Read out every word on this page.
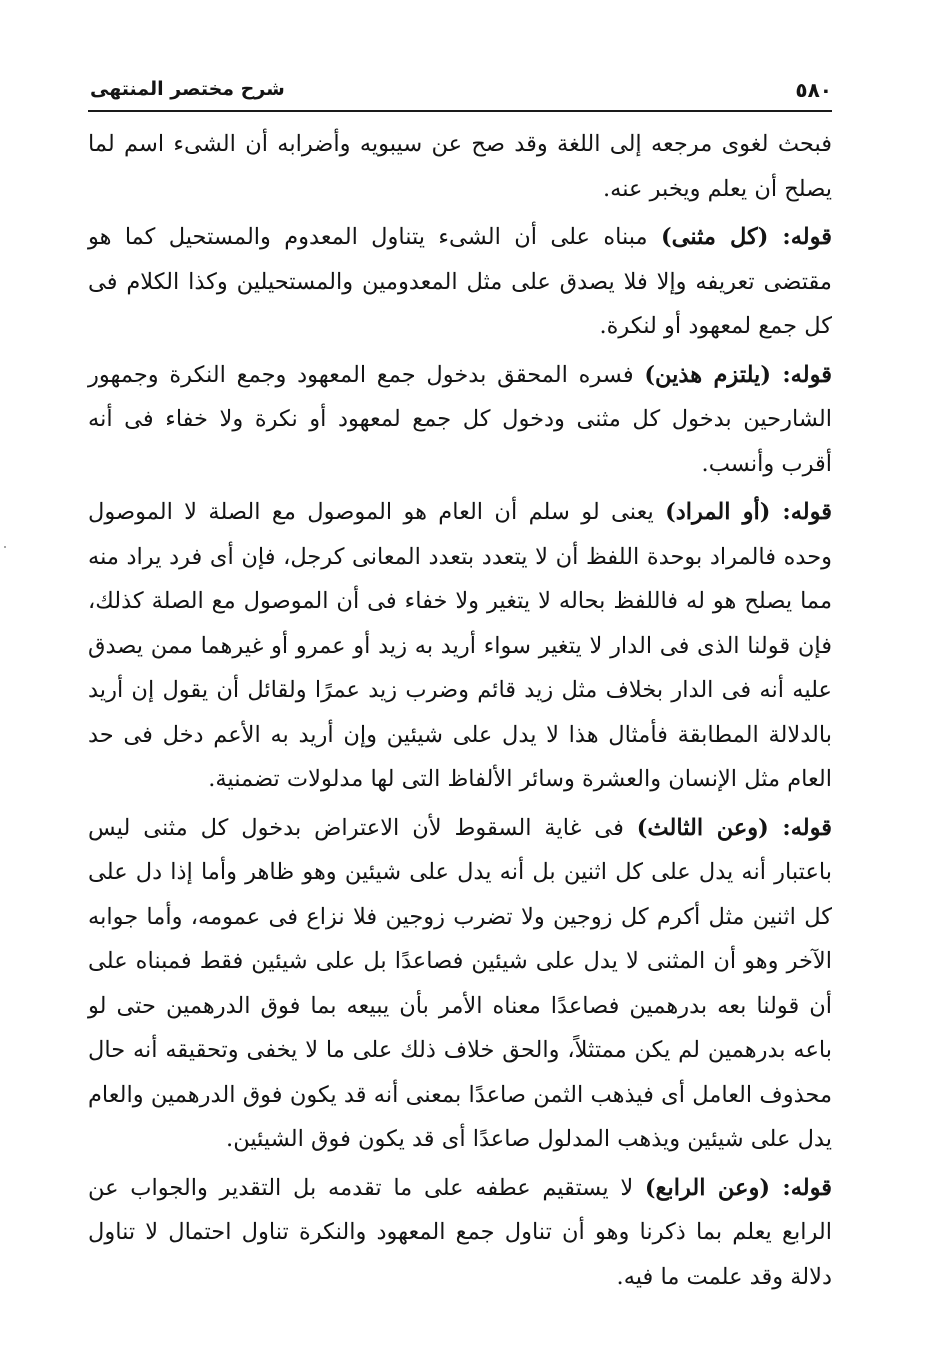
٥٨٠
شرح مختصر المنتهى

فبحث لغوى مرجعه إلى اللغة وقد صح عن سيبويه وأضرابه أن الشىء اسم لما يصلح أن يعلم ويخبر عنه.

قوله: (كل مثنى) مبناه على أن الشىء يتناول المعدوم والمستحيل كما هو مقتضى تعريفه وإلا فلا يصدق على مثل المعدومين والمستحيلين وكذا الكلام فى كل جمع لمعهود أو لنكرة.

قوله: (يلتزم هذين) فسره المحقق بدخول جمع المعهود وجمع النكرة وجمهور الشارحين بدخول كل مثنى ودخول كل جمع لمعهود أو نكرة ولا خفاء فى أنه أقرب وأنسب.

قوله: (أو المراد) يعنى لو سلم أن العام هو الموصول مع الصلة لا الموصول وحده فالمراد بوحدة اللفظ أن لا يتعدد بتعدد المعانى كرجل، فإن أى فرد يراد منه مما يصلح هو له فاللفظ بحاله لا يتغير ولا خفاء فى أن الموصول مع الصلة كذلك، فإن قولنا الذى فى الدار لا يتغير سواء أريد به زيد أو عمرو أو غيرهما ممن يصدق عليه أنه فى الدار بخلاف مثل زيد قائم وضرب زيد عمرًا ولقائل أن يقول إن أريد بالدلالة المطابقة فأمثال هذا لا يدل على شيئين وإن أريد به الأعم دخل فى حد العام مثل الإنسان والعشرة وسائر الألفاظ التى لها مدلولات تضمنية.

قوله: (وعن الثالث) فى غاية السقوط لأن الاعتراض بدخول كل مثنى ليس باعتبار أنه يدل على كل اثنين بل أنه يدل على شيئين وهو ظاهر وأما إذا دل على كل اثنين مثل أكرم كل زوجين ولا تضرب زوجين فلا نزاع فى عمومه، وأما جوابه الآخر وهو أن المثنى لا يدل على شيئين فصاعدًا بل على شيئين فقط فمبناه على أن قولنا بعه بدرهمين فصاعدًا معناه الأمر بأن يبيعه بما فوق الدرهمين حتى لو باعه بدرهمين لم يكن ممتثلاً، والحق خلاف ذلك على ما لا يخفى وتحقيقه أنه حال محذوف العامل أى فيذهب الثمن صاعدًا بمعنى أنه قد يكون فوق الدرهمين والعام يدل على شيئين ويذهب المدلول صاعدًا أى قد يكون فوق الشيئين.

قوله: (وعن الرابع) لا يستقيم عطفه على ما تقدمه بل التقدير والجواب عن الرابع يعلم بما ذكرنا وهو أن تناول جمع المعهود والنكرة تناول احتمال لا تناول دلالة وقد علمت ما فيه.
